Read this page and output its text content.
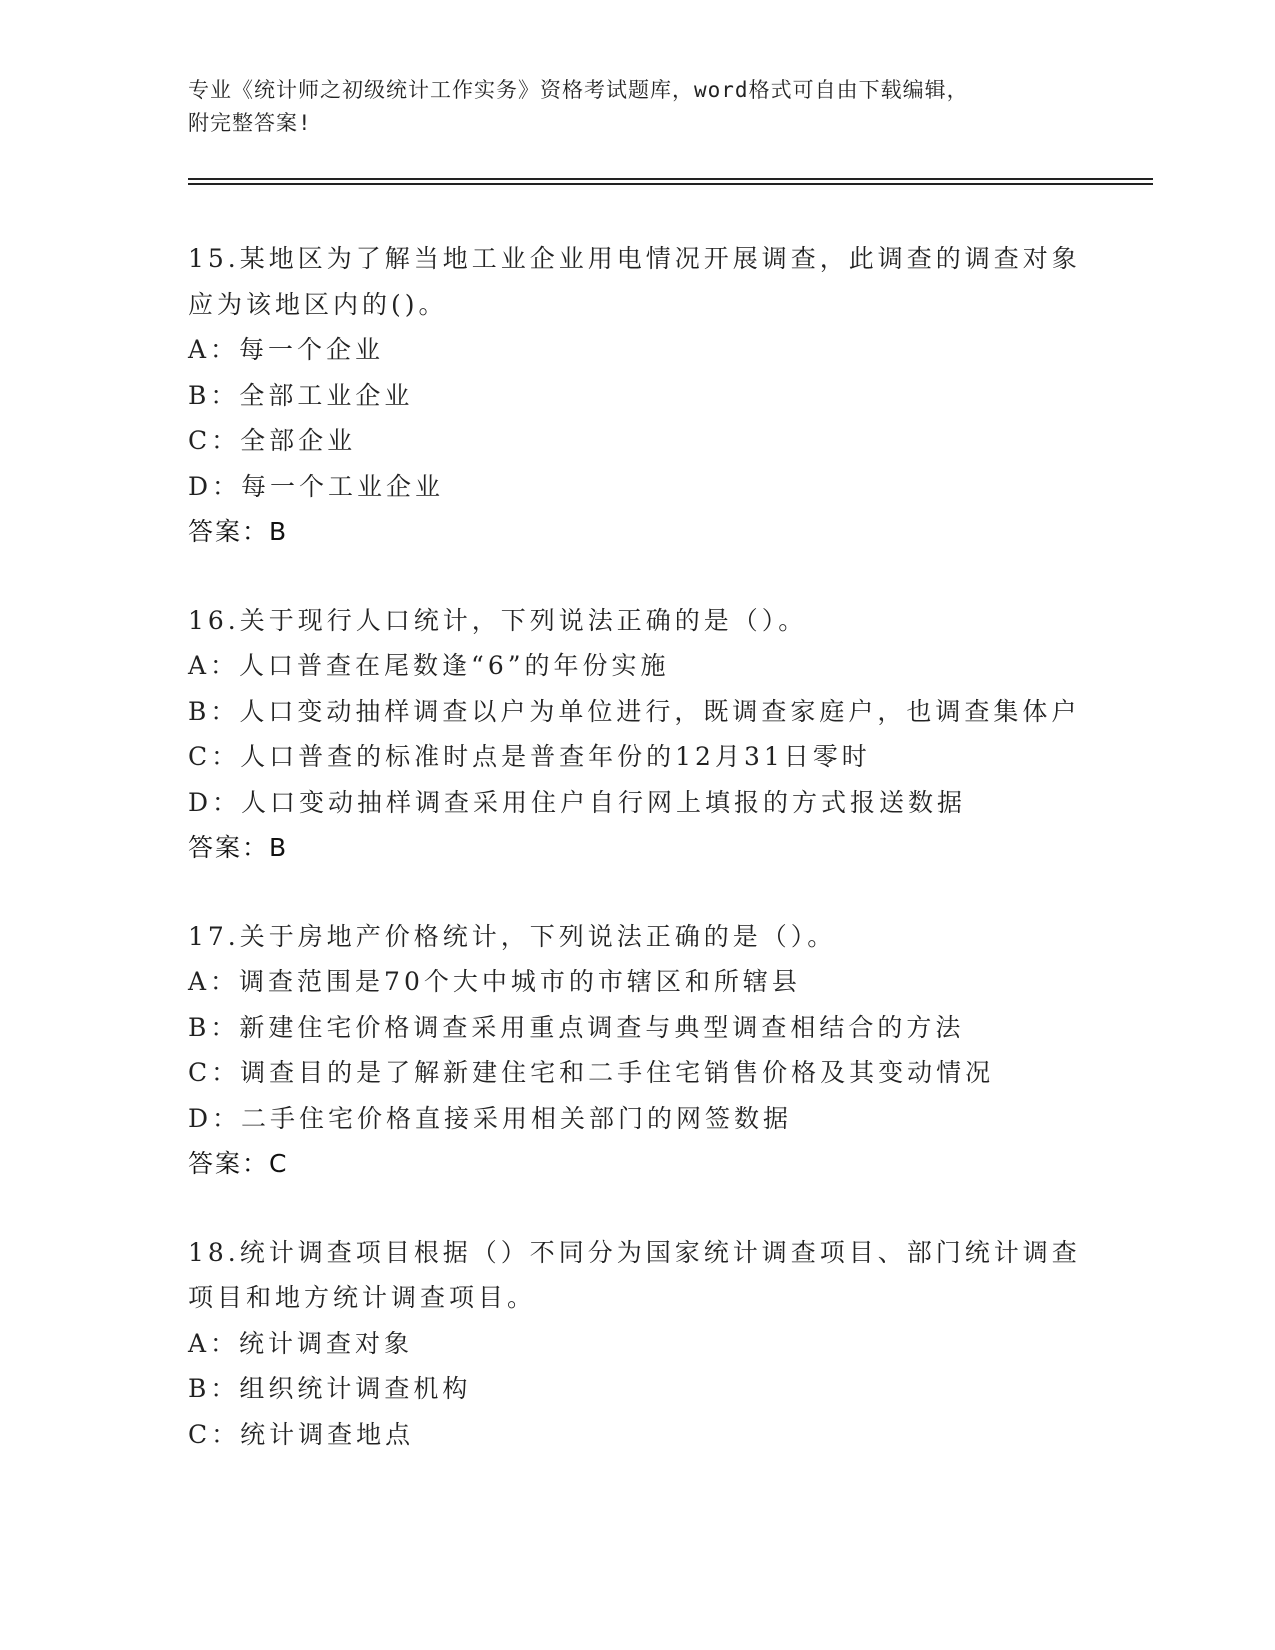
专业《统计师之初级统计工作实务》资格考试题库，word格式可自由下载编辑，
附完整答案!
15.某地区为了解当地工业企业用电情况开展调查，此调查的调查对象
应为该地区内的()。
A：每一个企业
B：全部工业企业
C：全部企业
D：每一个工业企业
答案：B
16.关于现行人口统计，下列说法正确的是（）。
A：人口普查在尾数逢“6”的年份实施
B：人口变动抽样调查以户为单位进行，既调查家庭户，也调查集体户
C：人口普查的标准时点是普查年份的12月31日零时
D：人口变动抽样调查采用住户自行网上填报的方式报送数据
答案：B
17.关于房地产价格统计，下列说法正确的是（）。
A：调查范围是70个大中城市的市辖区和所辖县
B：新建住宅价格调查采用重点调查与典型调查相结合的方法
C：调查目的是了解新建住宅和二手住宅销售价格及其变动情况
D：二手住宅价格直接采用相关部门的网签数据
答案：C
18.统计调查项目根据（）不同分为国家统计调查项目、部门统计调查
项目和地方统计调查项目。
A：统计调查对象
B：组织统计调查机构
C：统计调查地点
